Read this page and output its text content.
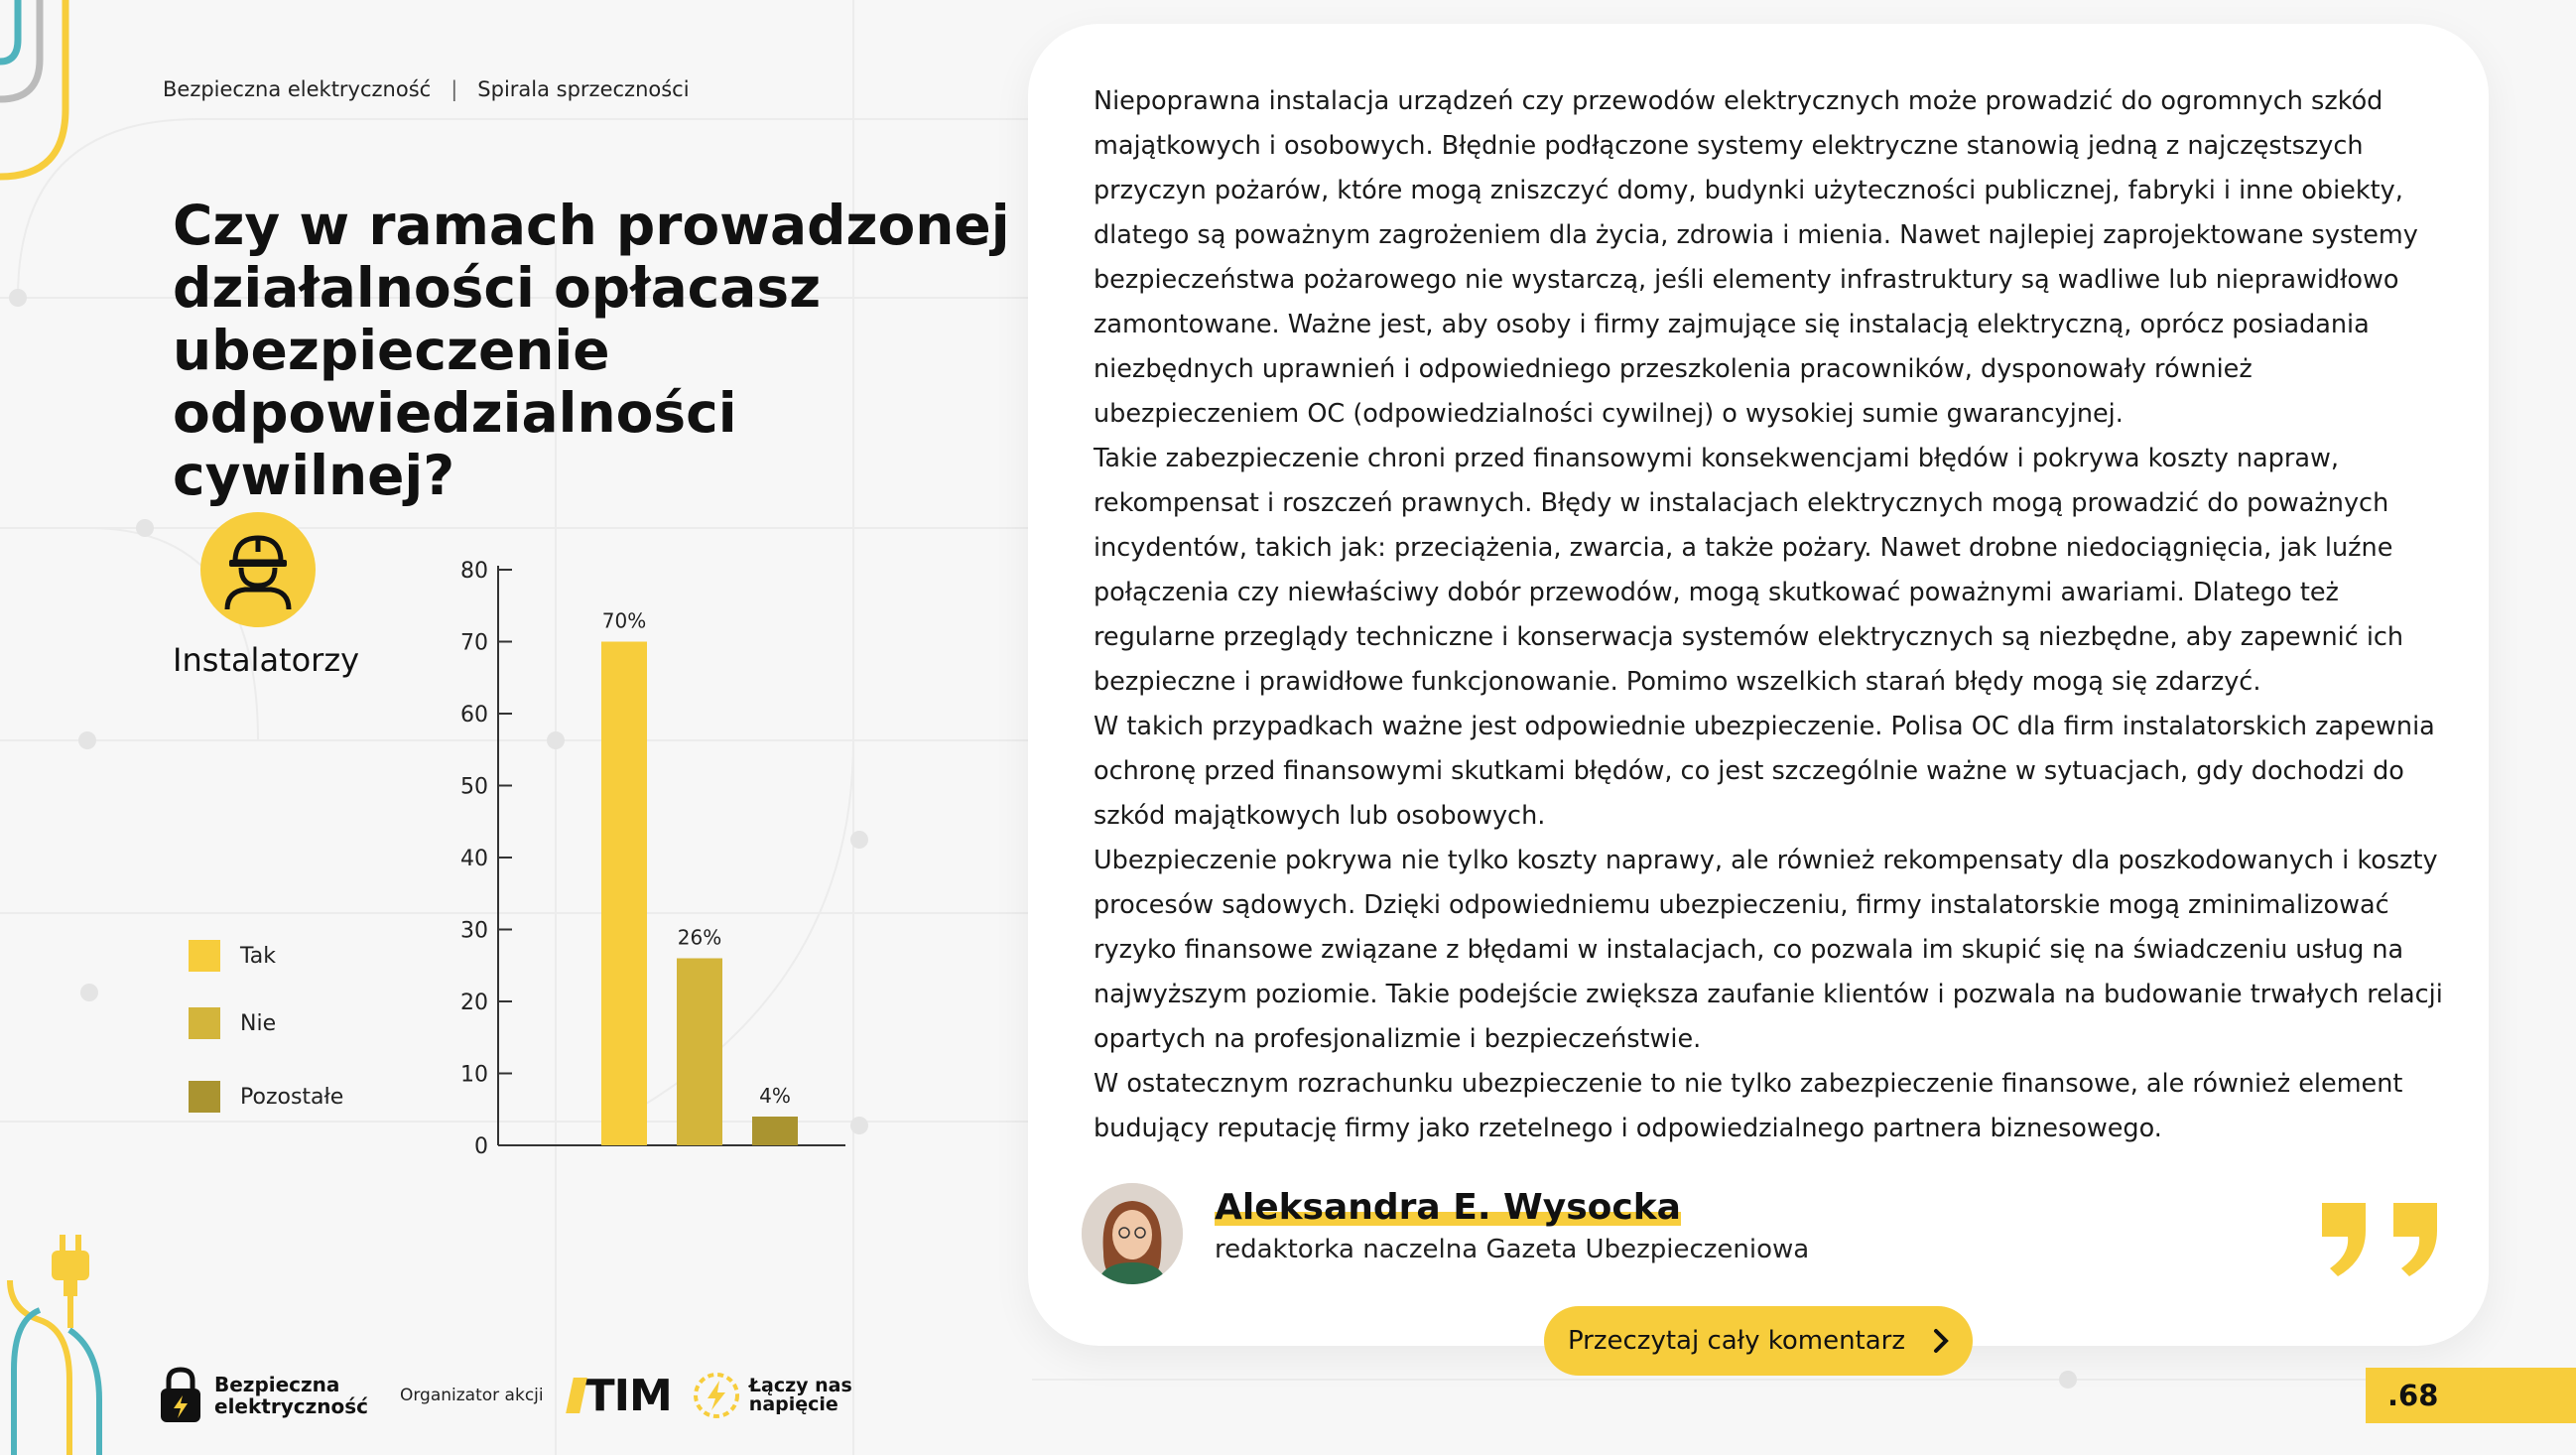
Bezpieczna elektryczność | Spirala sprzeczności
Czy w ramach prowadzonej działalności opłacasz ubezpieczenie odpowiedzialności cywilnej?
Instalatorzy
Tak
Nie
Pozostałe
0
10
20
30
40
50
60
70
80
70%
26%
4%

Niepoprawna instalacja urządzeń czy przewodów elektrycznych może prowadzić do ogromnych szkód majątkowych i osobowych. Błędnie podłączone systemy elektryczne stanowią jedną z najczęstszych przyczyn pożarów, które mogą zniszczyć domy, budynki użyteczności publicznej, fabryki i inne obiekty, dlatego są poważnym zagrożeniem dla życia, zdrowia i mienia. Nawet najlepiej zaprojektowane systemy bezpieczeństwa pożarowego nie wystarczą, jeśli elementy infrastruktury są wadliwe lub nieprawidłowo zamontowane. Ważne jest, aby osoby i firmy zajmujące się instalacją elektryczną, oprócz posiadania niezbędnych uprawnień i odpowiedniego przeszkolenia pracowników, dysponowały również ubezpieczeniem OC (odpowiedzialności cywilnej) o wysokiej sumie gwarancyjnej.

Takie zabezpieczenie chroni przed finansowymi konsekwencjami błędów i pokrywa koszty napraw, rekompensat i roszczeń prawnych. Błędy w instalacjach elektrycznych mogą prowadzić do poważnych incydentów, takich jak: przeciążenia, zwarcia, a także pożary. Nawet drobne niedociągnięcia, jak luźne połączenia czy niewłaściwy dobór przewodów, mogą skutkować poważnymi awariami. Dlatego też regularne przeglądy techniczne i konserwacja systemów elektrycznych są niezbędne, aby zapewnić ich bezpieczne i prawidłowe funkcjonowanie. Pomimo wszelkich starań błędy mogą się zdarzyć.

W takich przypadkach ważne jest odpowiednie ubezpieczenie. Polisa OC dla firm instalatorskich zapewnia ochronę przed finansowymi skutkami błędów, co jest szczególnie ważne w sytuacjach, gdy dochodzi do szkód majątkowych lub osobowych.

Ubezpieczenie pokrywa nie tylko koszty naprawy, ale również rekompensaty dla poszkodowanych i koszty procesów sądowych. Dzięki odpowiedniemu ubezpieczeniu, firmy instalatorskie mogą zminimalizować ryzyko finansowe związane z błędami w instalacjach, co pozwala im skupić się na świadczeniu usług na najwyższym poziomie. Takie podejście zwiększa zaufanie klientów i pozwala na budowanie trwałych relacji opartych na profesjonalizmie i bezpieczeństwie.

W ostatecznym rozrachunku ubezpieczenie to nie tylko zabezpieczenie finansowe, ale również element budujący reputację firmy jako rzetelnego i odpowiedzialnego partnera biznesowego.

Aleksandra E. Wysocka
redaktorka naczelna Gazeta Ubezpieczeniowa
Przeczytaj cały komentarz
Bezpieczna
elektryczność Organizator akcji TIM	Łączy nas
napięcie	.68
